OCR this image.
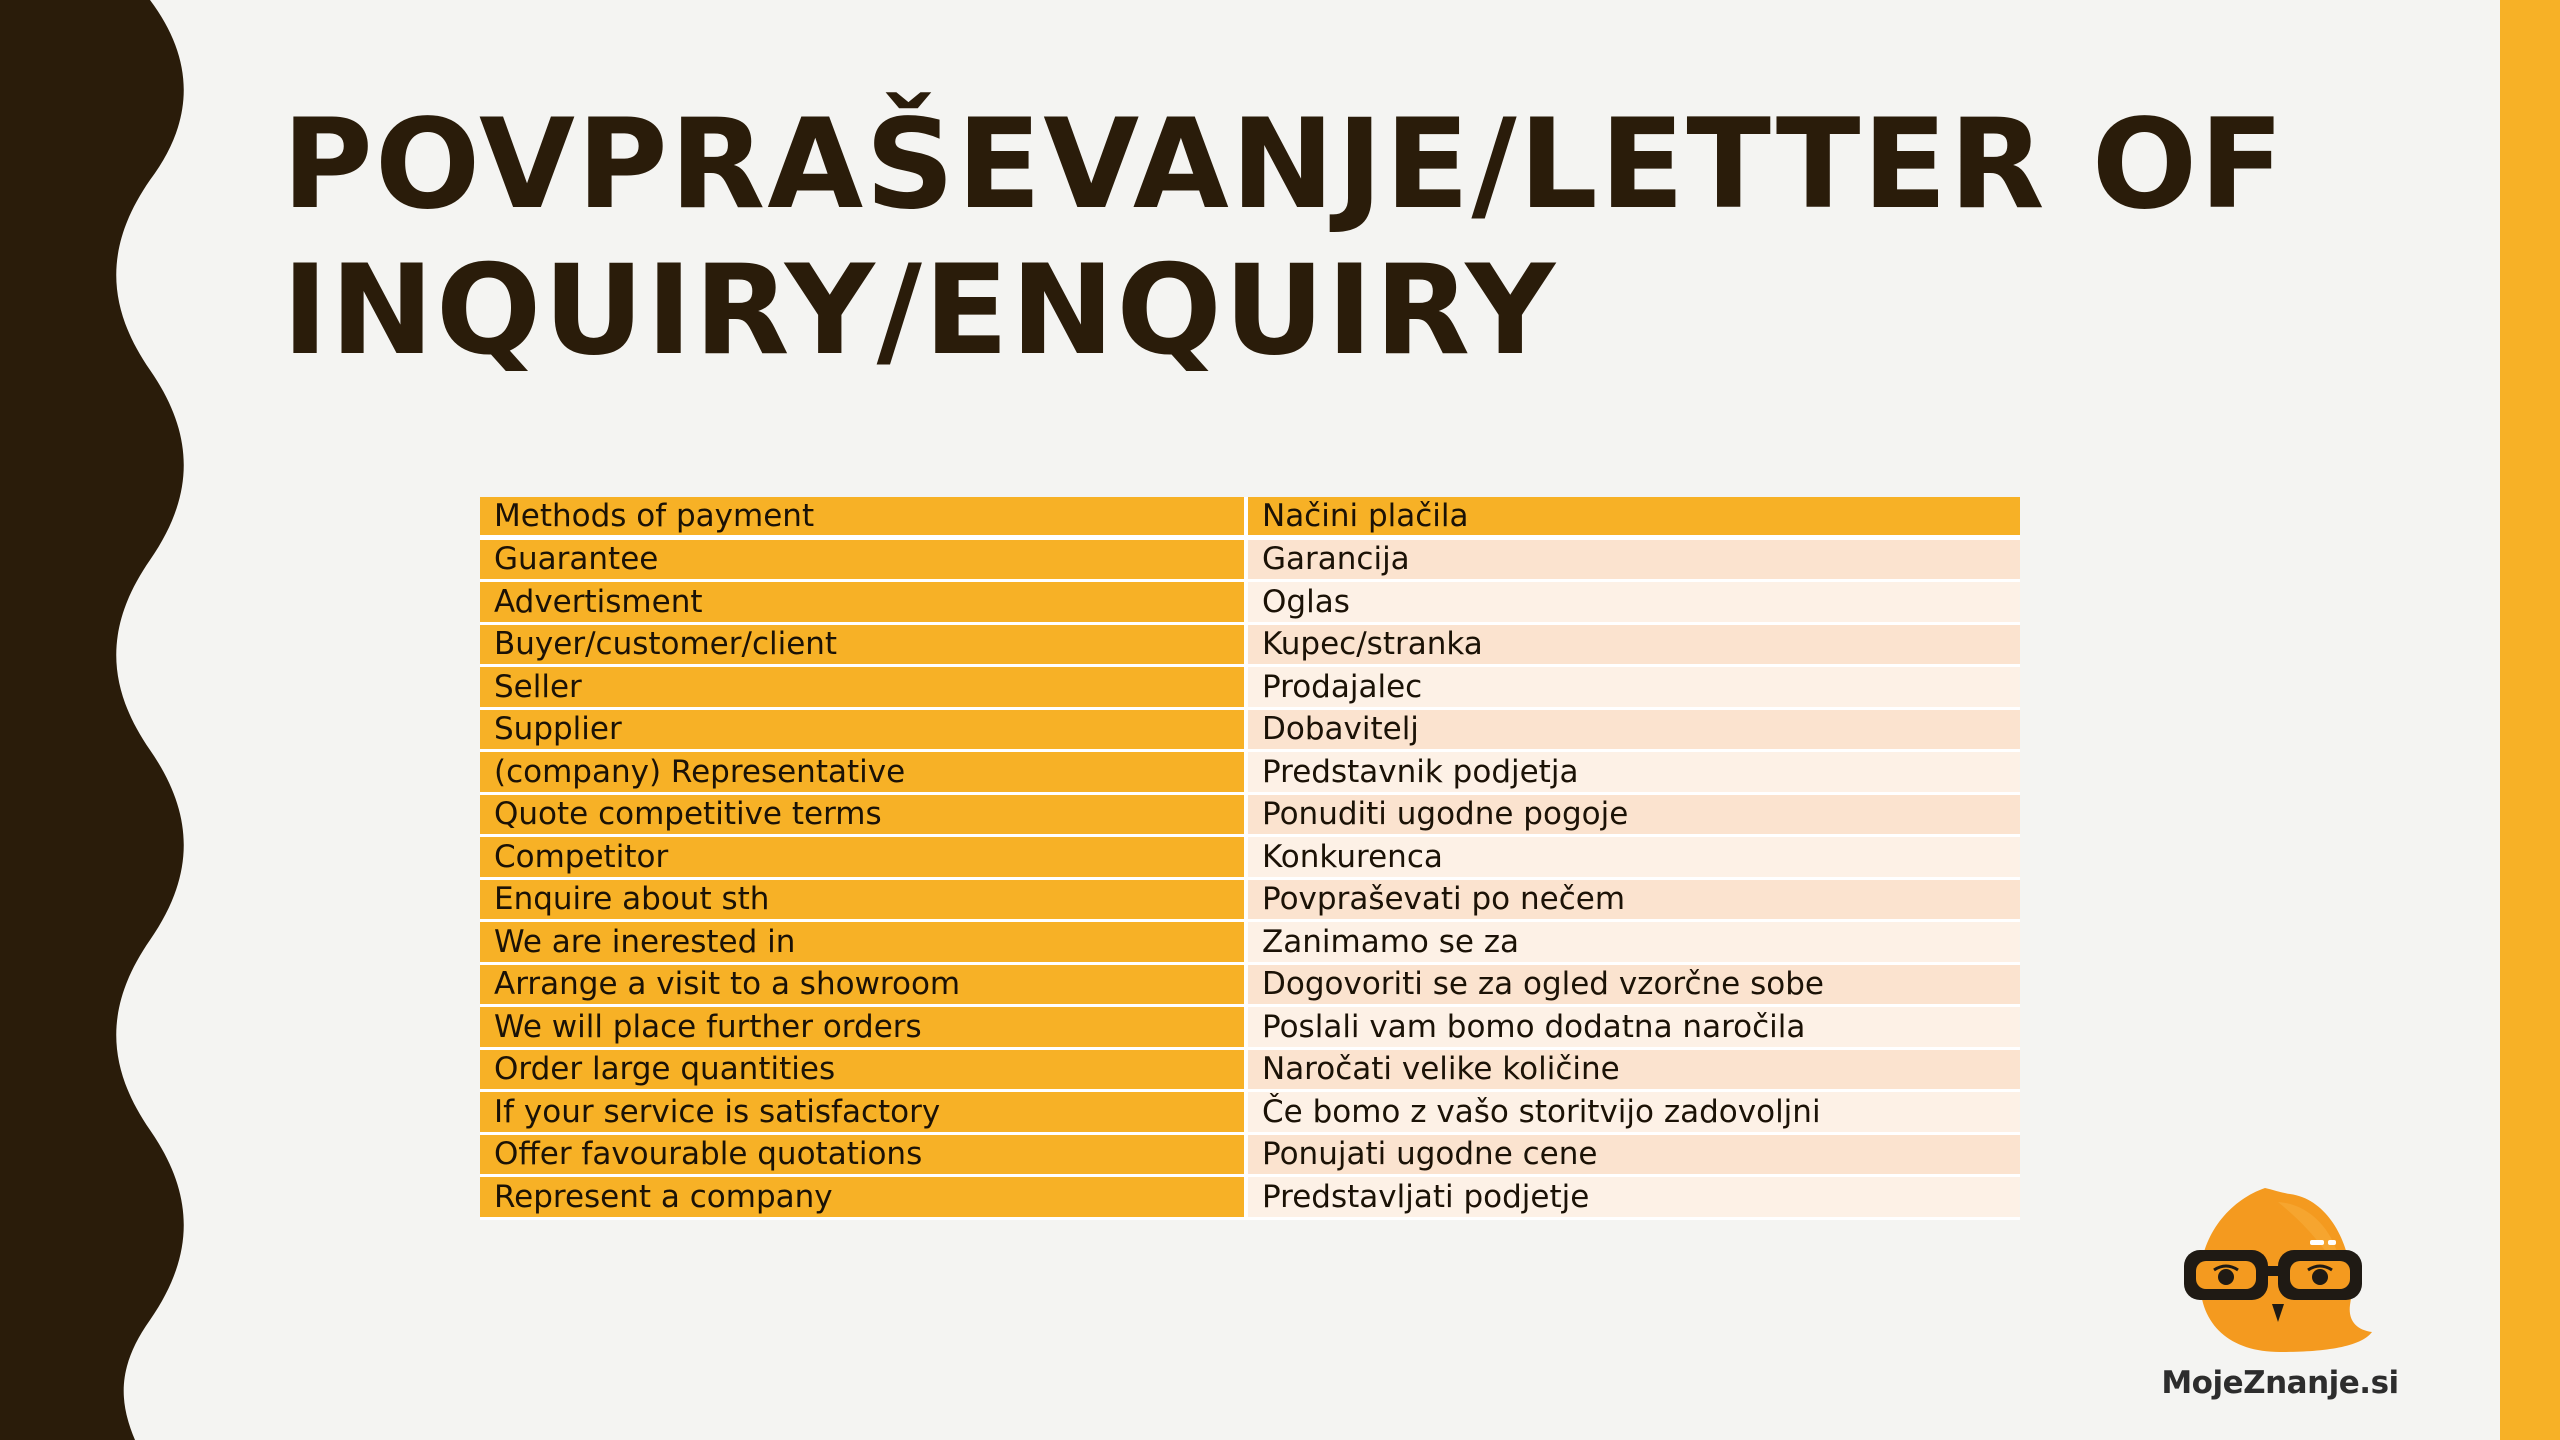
POVPRAŠEVANJE/LETTER OF INQUIRY/ENQUIRY
Methods of payment	Načini plačila
Guarantee	Garancija
Advertisment	Oglas
Buyer/customer/client	Kupec/stranka
Seller	Prodajalec
Supplier	Dobavitelj
(company) Representative	Predstavnik podjetja
Quote competitive terms	Ponuditi ugodne pogoje
Competitor	Konkurenca
Enquire about sth	Povpraševati po nečem
We are inerested in	Zanimamo se za
Arrange a visit to a showroom	Dogovoriti se za ogled vzorčne sobe
We will place further orders	Poslali vam bomo dodatna naročila
Order large quantities	Naročati velike količine
If your service is satisfactory	Če bomo z vašo storitvijo zadovoljni
Offer favourable quotations	Ponujati ugodne cene
Represent a company	Predstavljati podjetje
MojeZnanje.si
